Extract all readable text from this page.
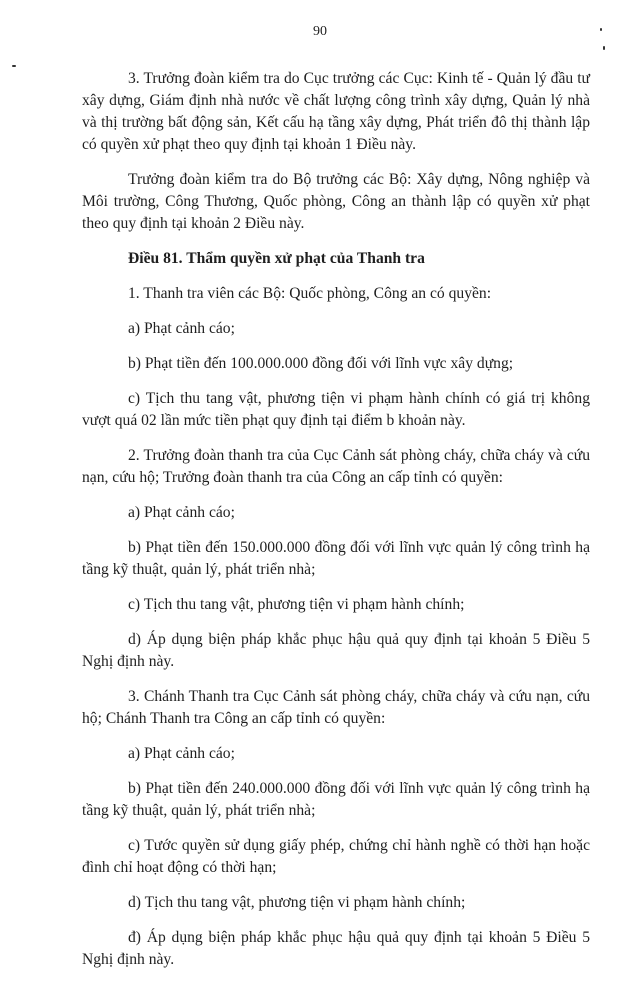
90

3. Trưởng đoàn kiểm tra do Cục trưởng các Cục: Kinh tế - Quản lý đầu tư xây dựng, Giám định nhà nước về chất lượng công trình xây dựng, Quản lý nhà và thị trường bất động sản, Kết cấu hạ tầng xây dựng, Phát triển đô thị thành lập có quyền xử phạt theo quy định tại khoản 1 Điều này.

Trưởng đoàn kiểm tra do Bộ trưởng các Bộ: Xây dựng, Nông nghiệp và Môi trường, Công Thương, Quốc phòng, Công an thành lập có quyền xử phạt theo quy định tại khoản 2 Điều này.

Điều 81. Thẩm quyền xử phạt của Thanh tra

1. Thanh tra viên các Bộ: Quốc phòng, Công an có quyền:

a) Phạt cảnh cáo;

b) Phạt tiền đến 100.000.000 đồng đối với lĩnh vực xây dựng;

c) Tịch thu tang vật, phương tiện vi phạm hành chính có giá trị không vượt quá 02 lần mức tiền phạt quy định tại điểm b khoản này.

2. Trưởng đoàn thanh tra của Cục Cảnh sát phòng cháy, chữa cháy và cứu nạn, cứu hộ; Trưởng đoàn thanh tra của Công an cấp tỉnh có quyền:

a) Phạt cảnh cáo;

b) Phạt tiền đến 150.000.000 đồng đối với lĩnh vực quản lý công trình hạ tầng kỹ thuật, quản lý, phát triển nhà;

c) Tịch thu tang vật, phương tiện vi phạm hành chính;

d) Áp dụng biện pháp khắc phục hậu quả quy định tại khoản 5 Điều 5 Nghị định này.

3. Chánh Thanh tra Cục Cảnh sát phòng cháy, chữa cháy và cứu nạn, cứu hộ; Chánh Thanh tra Công an cấp tỉnh có quyền:

a) Phạt cảnh cáo;

b) Phạt tiền đến 240.000.000 đồng đối với lĩnh vực quản lý công trình hạ tầng kỹ thuật, quản lý, phát triển nhà;

c) Tước quyền sử dụng giấy phép, chứng chỉ hành nghề có thời hạn hoặc đình chỉ hoạt động có thời hạn;

d) Tịch thu tang vật, phương tiện vi phạm hành chính;

đ) Áp dụng biện pháp khắc phục hậu quả quy định tại khoản 5 Điều 5 Nghị định này.
